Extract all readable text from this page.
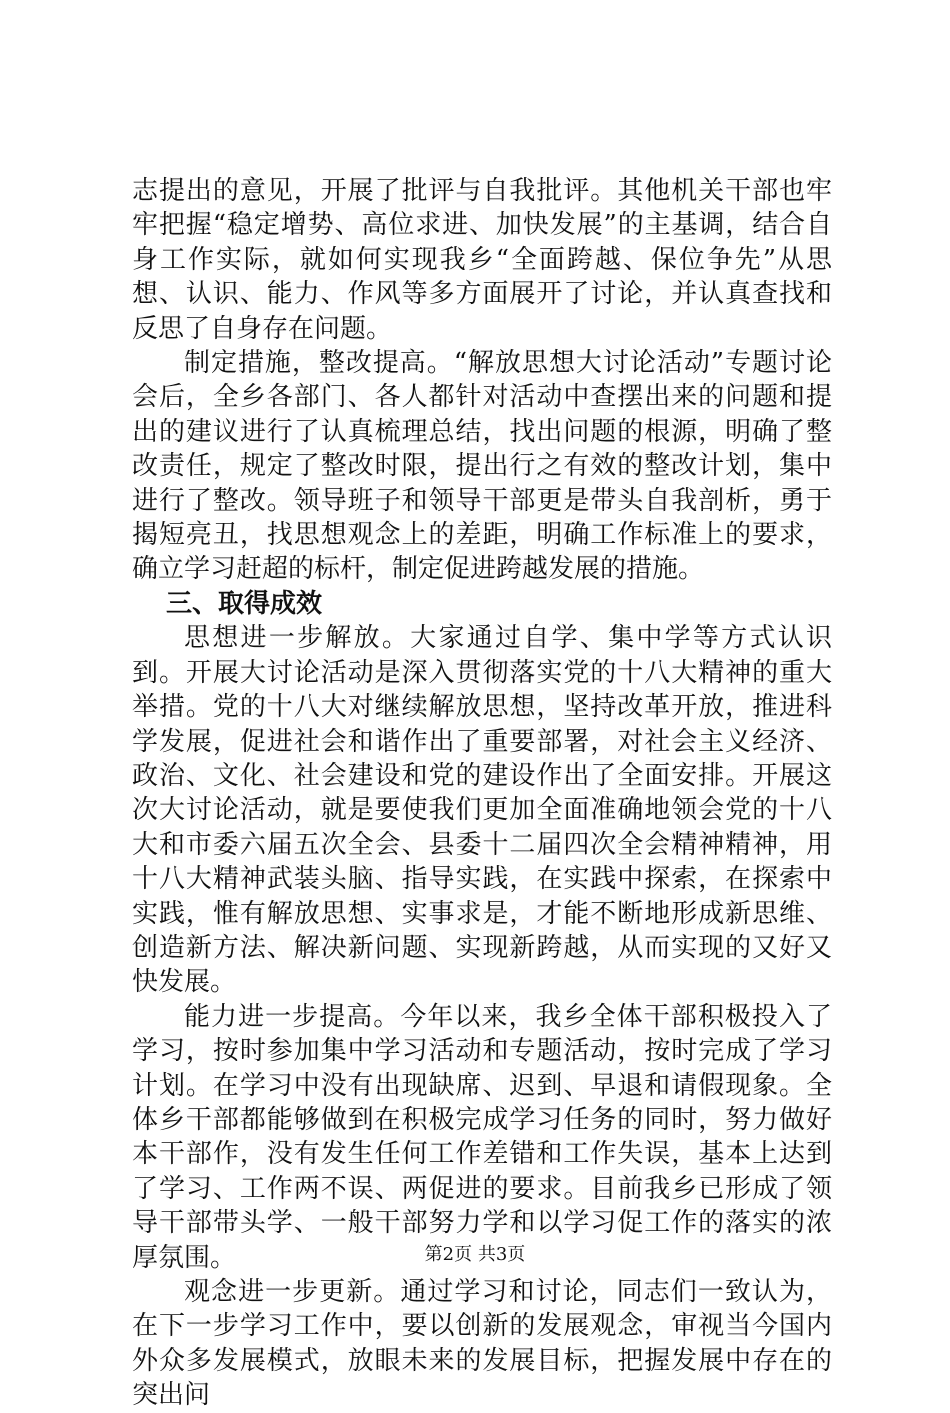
志提出的意见，开展了批评与自我批评。其他机关干部也牢牢把握“稳定增势、高位求进、加快发展”的主基调，结合自身工作实际，就如何实现我乡“全面跨越、保位争先”从思想、认识、能力、作风等多方面展开了讨论，并认真查找和反思了自身存在问题。

制定措施，整改提高。“解放思想大讨论活动”专题讨论会后，全乡各部门、各人都针对活动中查摆出来的问题和提出的建议进行了认真梳理总结，找出问题的根源，明确了整改责任，规定了整改时限，提出行之有效的整改计划，集中进行了整改。领导班子和领导干部更是带头自我剖析，勇于揭短亮丑，找思想观念上的差距，明确工作标准上的要求，确立学习赶超的标杆，制定促进跨越发展的措施。

三、取得成效

思想进一步解放。大家通过自学、集中学等方式认识到。开展大讨论活动是深入贯彻落实党的十八大精神的重大举措。党的十八大对继续解放思想，坚持改革开放，推进科学发展，促进社会和谐作出了重要部署，对社会主义经济、政治、文化、社会建设和党的建设作出了全面安排。开展这次大讨论活动，就是要使我们更加全面准确地领会党的十八大和市委六届五次全会、县委十二届四次全会精神精神，用十八大精神武装头脑、指导实践，在实践中探索，在探索中实践，惟有解放思想、实事求是，才能不断地形成新思维、创造新方法、解决新问题、实现新跨越，从而实现的又好又快发展。

能力进一步提高。今年以来，我乡全体干部积极投入了学习，按时参加集中学习活动和专题活动，按时完成了学习计划。在学习中没有出现缺席、迟到、早退和请假现象。全体乡干部都能够做到在积极完成学习任务的同时，努力做好本干部作，没有发生任何工作差错和工作失误，基本上达到了学习、工作两不误、两促进的要求。目前我乡已形成了领导干部带头学、一般干部努力学和以学习促工作的落实的浓厚氛围。

观念进一步更新。通过学习和讨论，同志们一致认为，在下一步学习工作中，要以创新的发展观念，审视当今国内外众多发展模式，放眼未来的发展目标，把握发展中存在的突出问

第2页 共3页
